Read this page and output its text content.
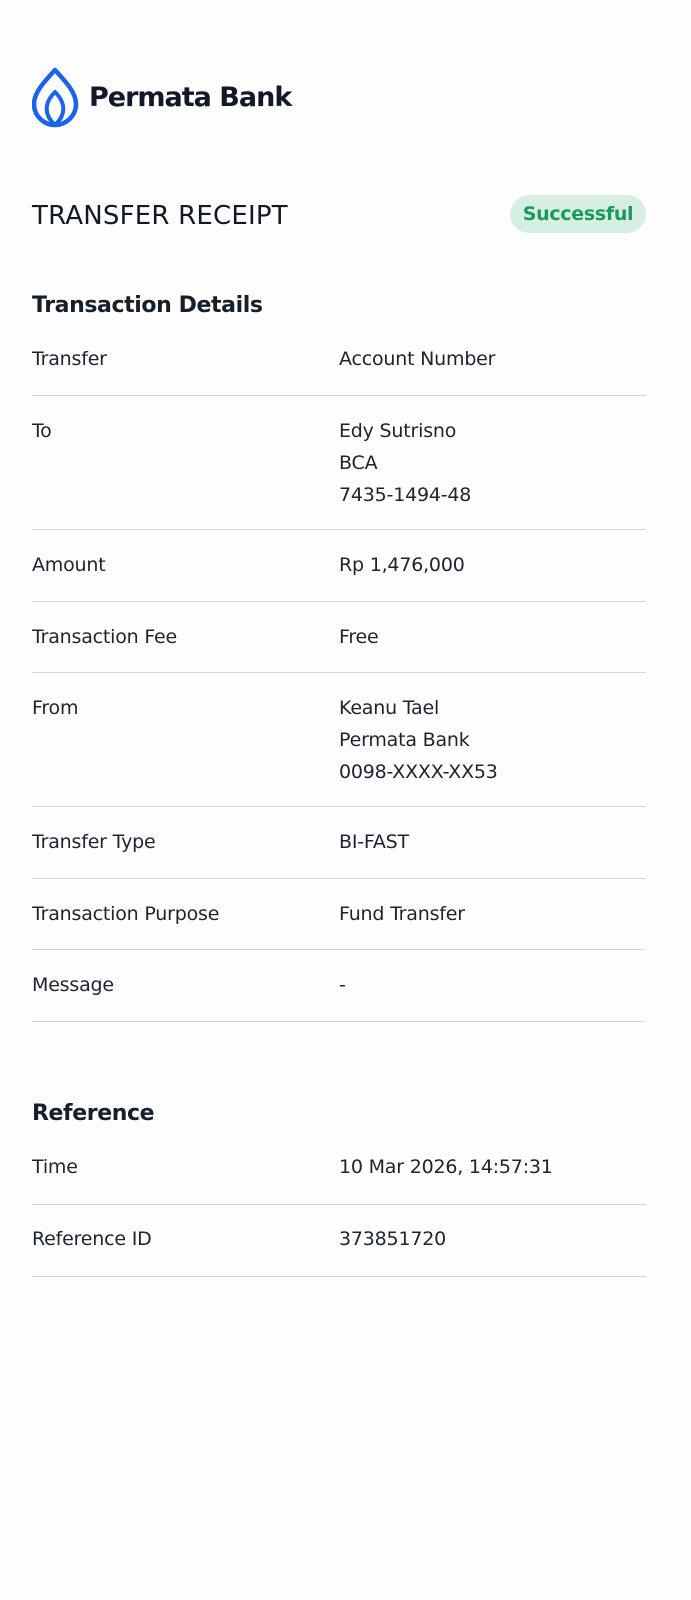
Permata Bank
TRANSFER RECEIPT	Successful
Transaction Details
Transfer	Account Number
To	Edy Sutrisno
BCA
7435-1494-48
Amount	Rp 1,476,000
Transaction Fee	Free
From	Keanu Tael
Permata Bank
0098-XXXX-XX53
Transfer Type	BI-FAST
Transaction Purpose	Fund Transfer
Message	-
Reference
Time	10 Mar 2026, 14:57:31
Reference ID	373851720
